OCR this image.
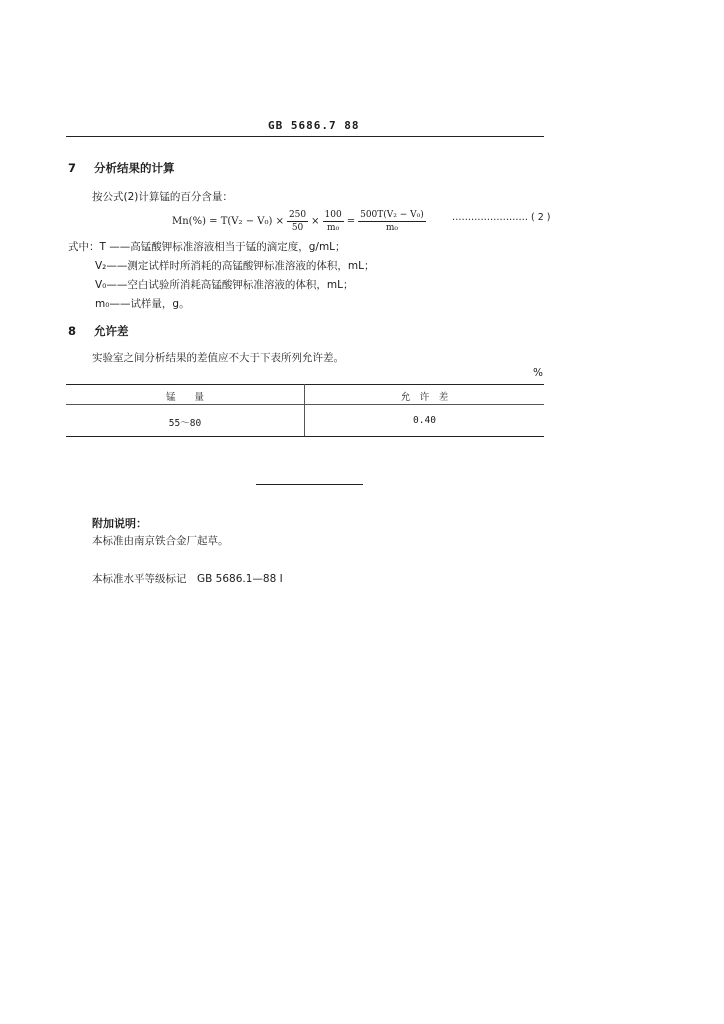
GB 5686.7 88
7 分析结果的计算
按公式(2)计算锰的百分含量：
$Mn(\%) = T(V_2 - V_0) \times \frac{250}{50} \times \frac{100}{\text{m₀}} = \frac{\text{500T(V₂ − V₀)}}{\text{m₀}}$	…………………… ( 2 )
式中：T ——高锰酸钾标准溶液相当于锰的滴定度，g/mL；
V₂——测定试样时所消耗的高锰酸钾标准溶液的体积，mL；
V₀——空白试验所消耗高锰酸钾标准溶液的体积，mL；
m₀——试样量，g。
8 允许差
实验室之间分析结果的差值应不大于下表所列允许差。
%
锰　　量	允　许　差
55～80	0.40
附加说明：
本标准由南京铁合金厂起草。
本标准水平等级标记　GB 5686.1—88 Ⅰ
